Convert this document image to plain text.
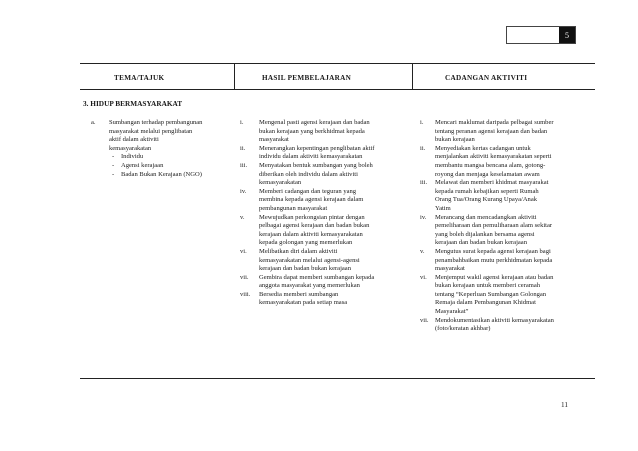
5
TEMA/TAJUK	HASIL PEMBELAJARAN	CADANGAN AKTIVITI
3. HIDUP BERMASYARAKAT
a. Sumbangan terhadap pembangunan
masyarakat melalui penglibatan
aktif dalam aktiviti
kemasyarakatan
- Individu
- Agensi kerajaan
- Badan Bukan Kerajaan (NGO)
i. Mengenal pasti agensi kerajaan dan badan
bukan kerajaan yang berkhidmat kepada
masyarakat
ii. Menerangkan kepentingan penglibatan aktif
individu dalam aktiviti kemasyarakatan
iii. Menyatakan bentuk sumbangan yang boleh
diberikan oleh individu dalam aktiviti
kemasyarakatan
iv. Memberi cadangan dan teguran yang
membina kepada agensi kerajaan dalam
pembangunan masyarakat
v. Mewujudkan perkongsian pintar dengan
pelbagai agensi kerajaan dan badan bukan
kerajaan dalam aktiviti kemasyarakatan
kepada golongan yang memerlukan
vi. Melibatkan diri dalam aktiviti
kemasyarakatan melalui agensi-agensi
kerajaan dan badan bukan kerajaan
vii. Gembira dapat memberi sumbangan kepada
anggota masyarakat yang memerlukan
viii. Bersedia memberi sumbangan
kemasyarakatan pada setiap masa
i. Mencari maklumat daripada pelbagai sumber
tentang peranan agensi kerajaan dan badan
bukan kerajaan
ii. Menyediakan kertas cadangan untuk
menjalankan aktiviti kemasyarakatan seperti
membantu mangsa bencana alam, gotong-
royong dan menjaga keselamatan awam
iii. Melawat dan memberi khidmat masyarakat
kepada rumah kebajikan seperti Rumah
Orang Tua/Orang Kurang Upaya/Anak
Yatim
iv. Merancang dan mencadangkan aktiviti
pemeliharaan dan pemuliharaan alam sekitar
yang boleh dijalankan bersama agensi
kerajaan dan badan bukan kerajaan
v. Mengutus surat kepada agensi kerajaan bagi
penambahbaikan mutu perkhidmatan kepada
masyarakat
vi. Menjemput wakil agensi kerajaan atau badan
bukan kerajaan untuk memberi ceramah
tentang “Keperluan Sumbangan Golongan
Remaja dalam Pembangunan Khidmat
Masyarakat”
vii. Mendokumentasikan aktiviti kemasyarakatan
(foto/keratan akhbar)
11
